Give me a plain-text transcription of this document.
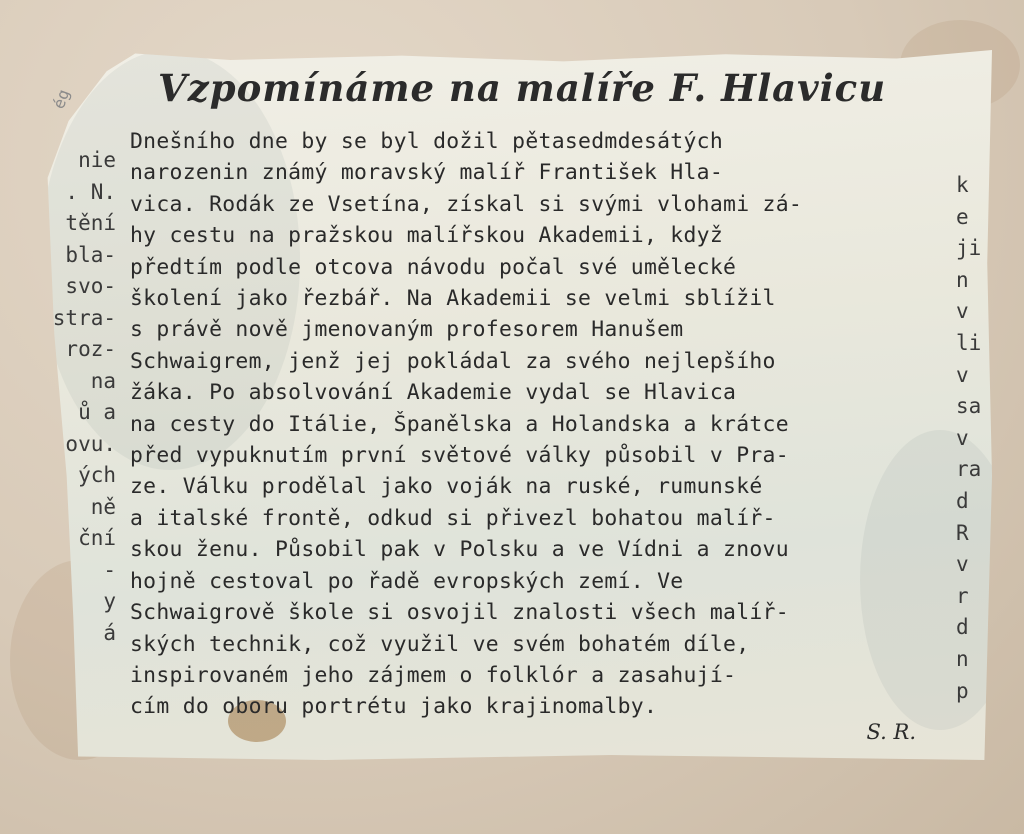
ég
nie
. N.
tění
bla-
svo-
stra-
roz-
na
ů a
ovu.
ých
ně
ční
-
y
á
k
e
ji
n
v
li
v
sa
v
ra
d
R
v
r
d
n
p
Vzpomínáme na malíře F. Hlavicu
Dnešního dne by se byl dožil pětasedmdesátých
narozenin známý moravský malíř František Hla-
vica. Rodák ze Vsetína, získal si svými vlohami zá-
hy cestu na pražskou malířskou Akademii, když
předtím podle otcova návodu počal své umělecké
školení jako řezbář. Na Akademii se velmi sblížil
s právě nově jmenovaným profesorem Hanušem
Schwaigrem, jenž jej pokládal za svého nejlepšího
žáka. Po absolvování Akademie vydal se Hlavica
na cesty do Itálie, Španělska a Holandska a krátce
před vypuknutím první světové války působil v Pra-
ze. Válku prodělal jako voják na ruské, rumunské
a italské frontě, odkud si přivezl bohatou malíř-
skou ženu. Působil pak v Polsku a ve Vídni a znovu
hojně cestoval po řadě evropských zemí. Ve
Schwaigrově škole si osvojil znalosti všech malíř-
ských technik, což využil ve svém bohatém díle,
inspirovaném jeho zájmem o folklór a zasahují-
cím do oboru portrétu jako krajinomalby.
S. R.
